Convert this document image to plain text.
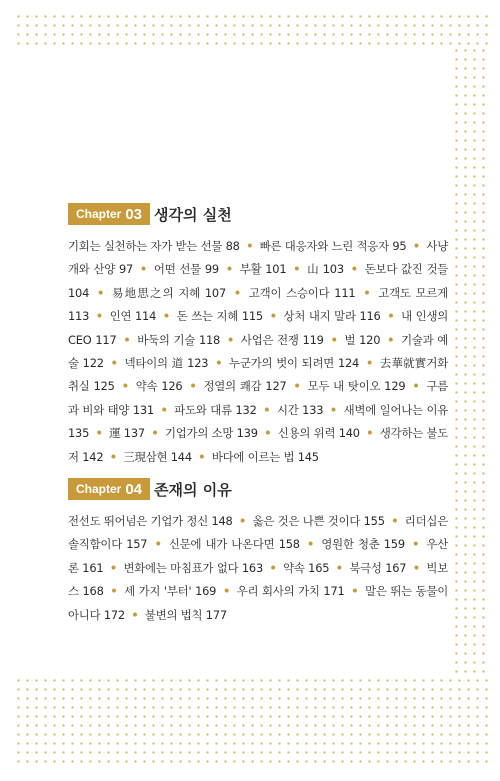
Chapter 03 생각의 실천
기회는 실천하는 자가 받는 선물 88 • 빠른 대응자와 느린 적응자 95 • 사냥개와 산양 97 • 어떤 선물 99 • 부활 101 • 山 103 • 돈보다 값진 것들 104 • 易地思之의 지혜 107 • 고객이 스승이다 111 • 고객도 모르게 113 • 인연 114 • 돈 쓰는 지혜 115 • 상처 내지 말라 116 • 내 인생의 CEO 117 • 바둑의 기술 118 • 사업은 전쟁 119 • 벌 120 • 기술과 예술 122 • 넥타이의 道 123 • 누군가의 벗이 되려면 124 • 去華就實거화취실 125 • 약속 126 • 정열의 쾌감 127 • 모두 내 탓이오 129 • 구름과 비와 태양 131 • 파도와 대류 132 • 시간 133 • 새벽에 일어나는 이유 135 • 運 137 • 기업가의 소망 139 • 신용의 위력 140 • 생각하는 불도저 142 • 三現삼현 144 • 바다에 이르는 법 145
Chapter 04 존재의 이유
전선도 뛰어넘은 기업가 정신 148 • 옳은 것은 나쁜 것이다 155 • 리더십은 솔직함이다 157 • 신문에 내가 나온다면 158 • 영원한 청춘 159 • 우산론 161 • 변화에는 마침표가 없다 163 • 약속 165 • 북극성 167 • 빅보스 168 • 세 가지 '부터' 169 • 우리 회사의 가치 171 • 말은 뛰는 동물이 아니다 172 • 불변의 법칙 177
